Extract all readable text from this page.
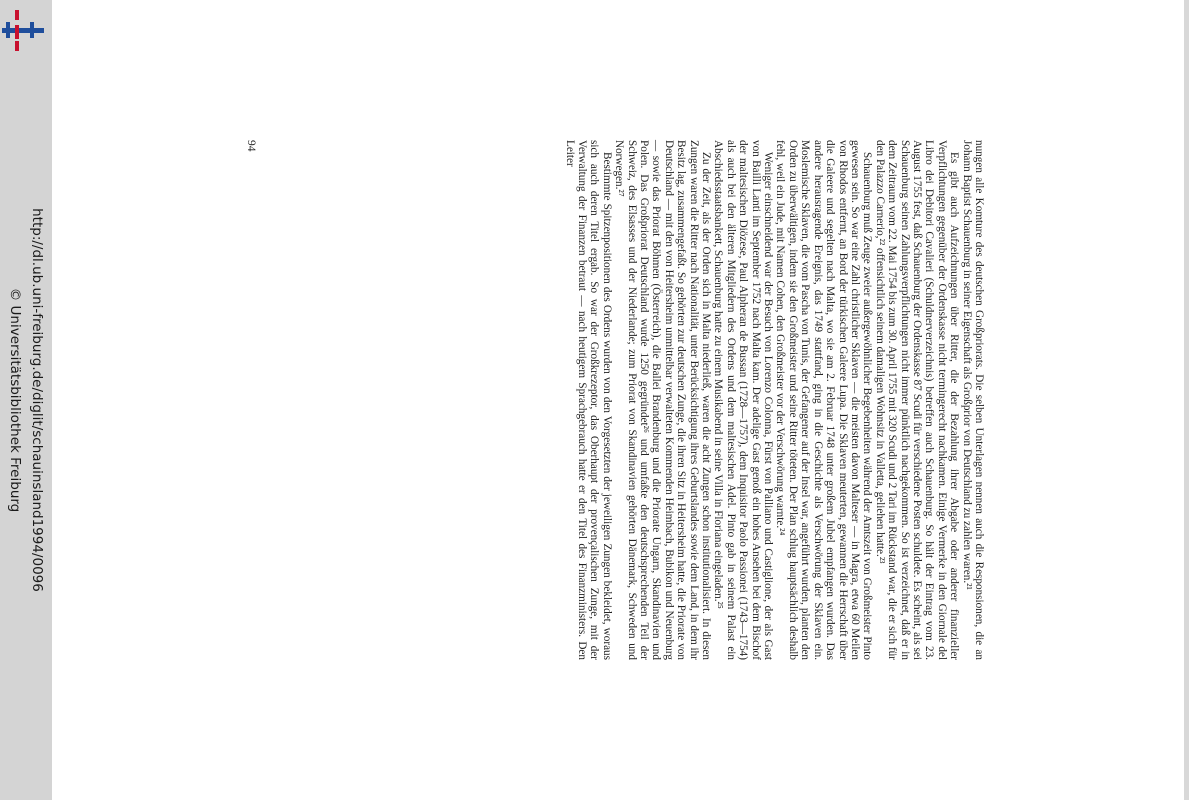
http://dl.ub.uni-freiburg.de/diglit/schauinsland1994/0096
© Universitätsbibliothek Freiburg	nungen alle Komture des deutschen Großpriorats. Die selben Unterlagen nennen auch die Responsionen, die an Johann Baptist Schauenburg in seiner Eigenschaft als Großprior von Deutschland zu zahlen waren.²¹

Es gibt auch Aufzeichnungen über Ritter, die der Bezahlung ihrer Abgabe oder anderer finanzieller Verpflichtungen gegenüber der Ordenskasse nicht termingerecht nachkamen. Einige Vermerke in den Giornale del Libro dei Debitori Cavalieri (Schuldnerverzeichnis) betreffen auch Schauenburg. So hält der Eintrag vom 23. August 1755 fest, daß Schauenburg der Ordenskasse 87 Scudi für verschiedene Posten schuldete. Es scheint, als sei Schauenburg seinen Zahlungsverpflichtungen nicht immer pünktlich nachgekommen. So ist verzeichnet, daß er in dem Zeitraum vom 22. Mai 1754 bis zum 30. April 1755 mit 320 Scudi und 2 Tari im Rückstand war, die er sich für den Palazzo Carnerio,²² offensichtlich seinem damaligen Wohnsitz in Valletta, geliehen hatte.²³

Schauenburg muß Zeuge zweier außergewöhnlicher Begebenheiten während der Amtszeit von Großmeister Pinto gewesen sein. So war eine Zahl christlicher Sklaven — die meisten davon Malteser — in Magra, etwa 60 Meilen von Rhodos entfernt, an Bord der türkischen Galeere Lupa. Die Sklaven meuterten, gewannen die Herrschaft über die Galeere und segelten nach Malta, wo sie am 2. Februar 1748 unter großem Jubel empfangen wurden. Das andere herausragende Ereignis, das 1749 stattfand, ging in die Geschichte als Verschwörung der Sklaven ein. Moslemische Sklaven, die vom Pascha von Tunis, der Gefangener auf der Insel war, angeführt wurden, planten den Orden zu überwältigen, indem sie den Großmeister und seine Ritter töteten. Der Plan schlug hauptsächlich deshalb fehl, weil ein Jude, mit Namen Cohen, den Großmeister vor der Verschwörung warnte.²⁴

Weniger einschneidend war der Besuch von Lorenzo Colonna, Fürst von Palliano und Castiglione, der als Gast von Bailli Lanti im September 1752 nach Malta kam. Der adelige Gast genoß ein hohes Ansehen bei dem Bischof der maltesischen Diözese, Paul Alpheran de Bussan (1728—1757), dem Inquisitor Paolo Passionei (1743—1754) als auch bei den älteren Mitgliedern des Ordens und dem maltesischen Adel. Pinto gab in seinem Palast ein Abschiedsstaatsbankett, Schauenburg hatte zu einem Musikabend in seine Villa in Floriana eingeladen.²⁵

Zu der Zeit, als der Orden sich in Malta niederließ, waren die acht Zungen schon institutionalisiert. In diesen Zungen waren die Ritter nach Nationalität, unter Berücksichtigung ihres Geburtslandes sowie dem Land, in dem ihr Besitz lag, zusammengefaßt. So gehörten zur deutschen Zunge, die ihren Sitz in Heitersheim hatte, die Priorate von Deutschland — mit den von Heitersheim unmittelbar verwalteten Kommenden Heimbach, Bubikon und Neuenburg — sowie das Priorat Böhmen (Österreich), die Ballei Brandenburg und die Priorate Ungarn, Skandinavien und Polen. Das Großpriorat Deutschland wurde 1250 gegründet²⁶ und umfaßte den deutschsprechenden Teil der Schweiz, des Elsasses und der Niederlande; zum Priorat von Skandinavien gehörten Dänemark, Schweden und Norwegen.²⁷

Bestimmte Spitzenpositionen des Ordens wurden von den Vorgesetzten der jeweiligen Zungen bekleidet, woraus sich auch deren Titel ergab. So war der Großkrezeptor, das Oberhaupt der provençalischen Zunge, mit der Verwaltung der Finanzen betraut — nach heutigem Sprachgebrauch hatte er den Titel des Finanzministers. Den Leiter

94
